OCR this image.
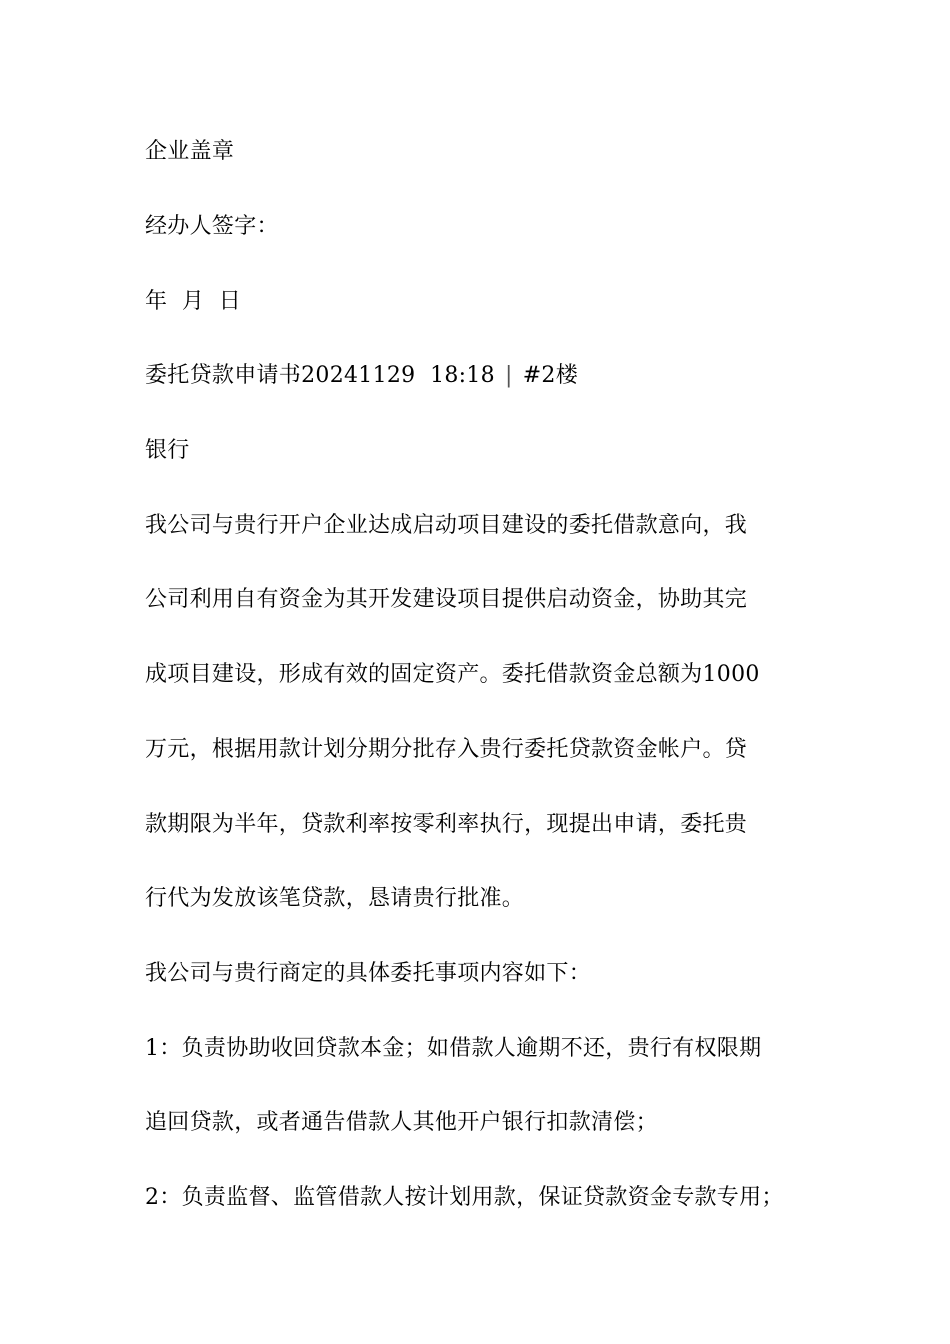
企业盖章
经办人签字：
年  月  日
委托贷款申请书20241129  18:18 | #2楼
银行
我公司与贵行开户企业达成启动项目建设的委托借款意向，我
公司利用自有资金为其开发建设项目提供启动资金，协助其完
成项目建设，形成有效的固定资产。委托借款资金总额为1000
万元，根据用款计划分期分批存入贵行委托贷款资金帐户。贷
款期限为半年，贷款利率按零利率执行，现提出申请，委托贵
行代为发放该笔贷款，恳请贵行批准。
我公司与贵行商定的具体委托事项内容如下：
1：负责协助收回贷款本金；如借款人逾期不还，贵行有权限期
追回贷款，或者通告借款人其他开户银行扣款清偿；
2：负责监督、监管借款人按计划用款，保证贷款资金专款专用；
